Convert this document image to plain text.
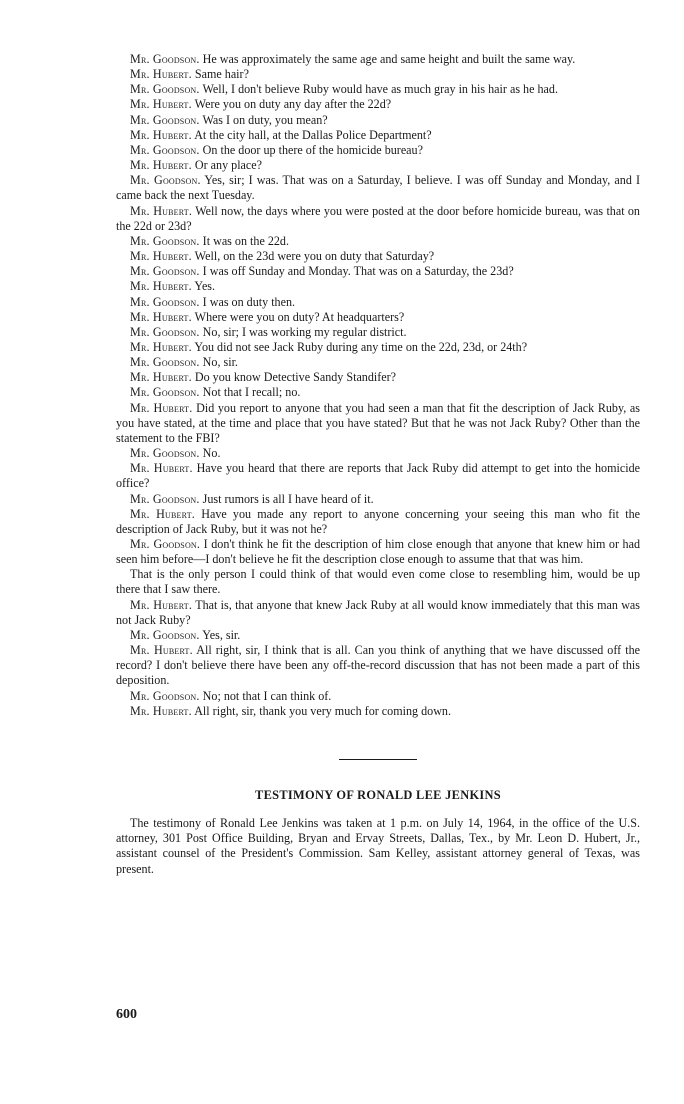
Mr. Goodson. He was approximately the same age and same height and built the same way.

Mr. Hubert. Same hair?

Mr. Goodson. Well, I don't believe Ruby would have as much gray in his hair as he had.

Mr. Hubert. Were you on duty any day after the 22d?

Mr. Goodson. Was I on duty, you mean?

Mr. Hubert. At the city hall, at the Dallas Police Department?

Mr. Goodson. On the door up there of the homicide bureau?

Mr. Hubert. Or any place?

Mr. Goodson. Yes, sir; I was. That was on a Saturday, I believe. I was off Sunday and Monday, and I came back the next Tuesday.

Mr. Hubert. Well now, the days where you were posted at the door before homicide bureau, was that on the 22d or 23d?

Mr. Goodson. It was on the 22d.

Mr. Hubert. Well, on the 23d were you on duty that Saturday?

Mr. Goodson. I was off Sunday and Monday. That was on a Saturday, the 23d?

Mr. Hubert. Yes.

Mr. Goodson. I was on duty then.

Mr. Hubert. Where were you on duty? At headquarters?

Mr. Goodson. No, sir; I was working my regular district.

Mr. Hubert. You did not see Jack Ruby during any time on the 22d, 23d, or 24th?

Mr. Goodson. No, sir.

Mr. Hubert. Do you know Detective Sandy Standifer?

Mr. Goodson. Not that I recall; no.

Mr. Hubert. Did you report to anyone that you had seen a man that fit the description of Jack Ruby, as you have stated, at the time and place that you have stated? But that he was not Jack Ruby? Other than the statement to the FBI?

Mr. Goodson. No.

Mr. Hubert. Have you heard that there are reports that Jack Ruby did attempt to get into the homicide office?

Mr. Goodson. Just rumors is all I have heard of it.

Mr. Hubert. Have you made any report to anyone concerning your seeing this man who fit the description of Jack Ruby, but it was not he?

Mr. Goodson. I don't think he fit the description of him close enough that anyone that knew him or had seen him before—I don't believe he fit the description close enough to assume that that was him.

That is the only person I could think of that would even come close to resembling him, would be up there that I saw there.

Mr. Hubert. That is, that anyone that knew Jack Ruby at all would know immediately that this man was not Jack Ruby?

Mr. Goodson. Yes, sir.

Mr. Hubert. All right, sir, I think that is all. Can you think of anything that we have discussed off the record? I don't believe there have been any off-the-record discussion that has not been made a part of this deposition.

Mr. Goodson. No; not that I can think of.

Mr. Hubert. All right, sir, thank you very much for coming down.

TESTIMONY OF RONALD LEE JENKINS

The testimony of Ronald Lee Jenkins was taken at 1 p.m. on July 14, 1964, in the office of the U.S. attorney, 301 Post Office Building, Bryan and Ervay Streets, Dallas, Tex., by Mr. Leon D. Hubert, Jr., assistant counsel of the President's Commission. Sam Kelley, assistant attorney general of Texas, was present.

600
